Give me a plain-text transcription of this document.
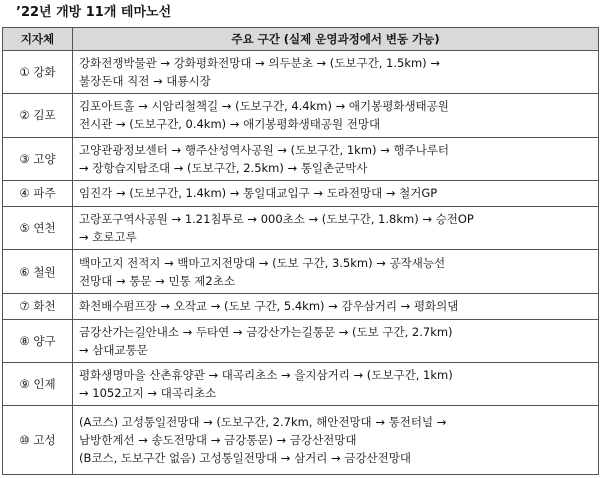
’22년 개방 11개 테마노선
지자체	주요 구간 (실제 운영과정에서 변동 가능)
① 강화	강화전쟁박물관 → 강화평화전망대 → 의두분초 → (도보구간, 1.5km) →
불장돈대 직전 → 대룡시장

② 김포	김포아트홀 → 시암리철책길 → (도보구간, 4.4km) → 애기봉평화생태공원
전시관 → (도보구간, 0.4km) → 애기봉평화생태공원 전망대

③ 고양	고양관광정보센터 → 행주산성역사공원 → (도보구간, 1km) → 행주나루터
→ 장항습지탐조대 → (도보구간, 2.5km) → 통일촌군막사

④ 파주	임진각 → (도보구간, 1.4km) → 통일대교입구 → 도라전망대 → 철거GP

⑤ 연천	고랑포구역사공원 → 1.21침투로 → 000초소 → (도보구간, 1.8km) → 승전OP
→ 호로고루

⑥ 철원	백마고지 전적지 → 백마고지전망대 → (도보 구간, 3.5km) → 공작새능선
전망대 → 통문 → 민통 제2초소

⑦ 화천	화천배수펌프장 → 오작교 → (도보 구간, 5.4km) → 감우삼거리 → 평화의댐

⑧ 양구	금강산가는길안내소 → 두타연 → 금강산가는길통문 → (도보 구간, 2.7km)
→ 삼대교통문

⑨ 인제	평화생명마을 산촌휴양관 → 대곡리초소 → 을지삼거리 → (도보구간, 1km)
→ 1052고지 → 대곡리초소

⑩ 고성	(A코스) 고성통일전망대 → (도보구간, 2.7km, 해안전망대 → 통전터널 →
남방한계선 → 송도전망대 → 금강통문) → 금강산전망대
(B코스, 도보구간 없음) 고성통일전망대 → 삼거리 → 금강산전망대
